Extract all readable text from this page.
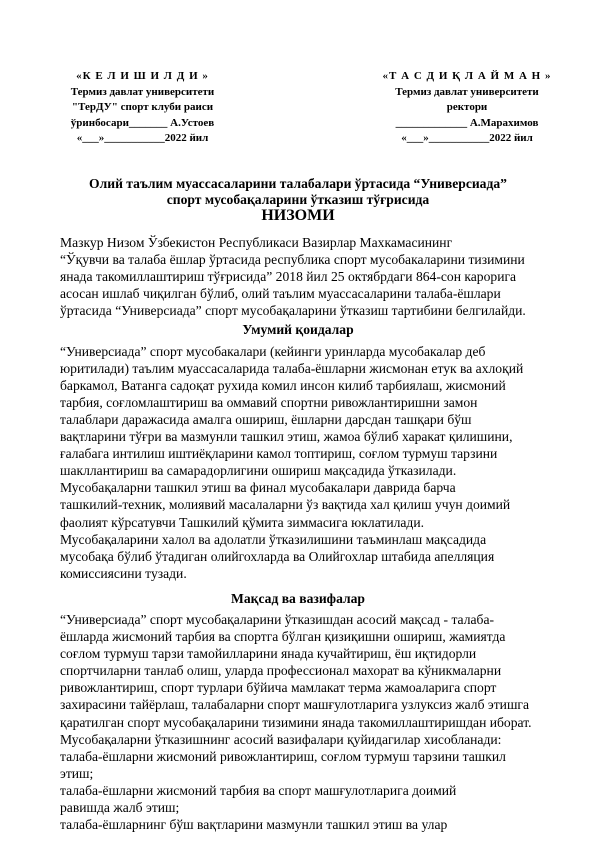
«К Е Л И Ш И Л Д И »
Термиз давлат университети
"ТерДУ" спорт клуби раиси
ўринбосари_______ А.Устоев
«___»___________2022 йил
«Т А С Д И Қ Л А Й М А Н »
Термиз давлат университети
ректори
_____________ А.Марахимов
«___»___________2022 йил
Олий таълим муассасаларини талабалари ўртасида “Универсиада”
спорт мусобақаларини ўтказиш тўғрисида
НИЗОМИ

Мазкур Низом Ўзбекистон Республикаси Вазирлар Махкамасининг
“Ўқувчи ва талаба ёшлар ўртасида республика спорт мусобакаларини тизимини
янада такомиллаштириш тўғрисида” 2018 йил 25 октябрдаги 864-сон карорига
асосан ишлаб чиқилган бўлиб, олий таълим муассасаларини талаба-ёшлари
ўртасида “Универсиада” спорт мусобақаларини ўтказиш тартибини белгилайди.

Умумий қоидалар

“Универсиада” спорт мусобакалари (кейинги уринларда мусобакалар деб
юритилади) таълим муассасаларида талаба-ёшларни жисмонан етук ва ахлоқий
баркамол, Ватанга садоқат рухида комил инсон килиб тарбиялаш, жисмоний
тарбия, соғломлаштириш ва оммавий спортни ривожлантиришни замон
талаблари даражасида амалга ошириш, ёшларни дарсдан ташқари бўш
вақтларини тўғри ва мазмунли ташкил этиш, жамоа бўлиб харакат қилишини,
ғалабага интилиш иштиёқларини камол топтириш, соғлом турмуш тарзини
шакллантириш ва самарадорлигини ошириш мақсадида ўтказилади.

Мусобақаларни ташкил этиш ва финал мусобакалари даврида барча
ташкилий-техник, молиявий масалаларни ўз вақтида хал қилиш учун доимий
фаолият кўрсатувчи Ташкилий қўмита зиммасига юклатилади.

Мусобақаларини халол ва адолатли ўтказилишини таъминлаш мақсадида
мусобақа бўлиб ўтадиган олийгохларда ва Олийгохлар штабида апелляция
комиссиясини тузади.

Мақсад ва вазифалар

“Универсиада” спорт мусобақаларини ўтказишдан асосий мақсад - талаба-
ёшларда жисмоний тарбия ва спортга бўлган қизиқишни ошириш, жамиятда
соғлом турмуш тарзи тамойилларини янада кучайтириш, ёш иқтидорли
спортчиларни танлаб олиш, уларда профессионал махорат ва кўникмаларни
ривожлантириш, спорт турлари бўйича мамлакат терма жамоаларига спорт
захирасини тайёрлаш, талабаларни спорт машғулотларига узлуксиз жалб этишга
қаратилган спорт мусобақаларини тизимини янада такомиллаштиришдан иборат.

Мусобақаларни ўтказишнинг асосий вазифалари қуйидагилар хисобланади:
талаба-ёшларни жисмоний ривожлантириш, соғлом турмуш тарзини ташкил
этиш;

талаба-ёшларни жисмоний тарбия ва спорт машғулотларига доимий
равишда жалб этиш;

талаба-ёшларнинг бўш вақтларини мазмунли ташкил этиш ва улар
